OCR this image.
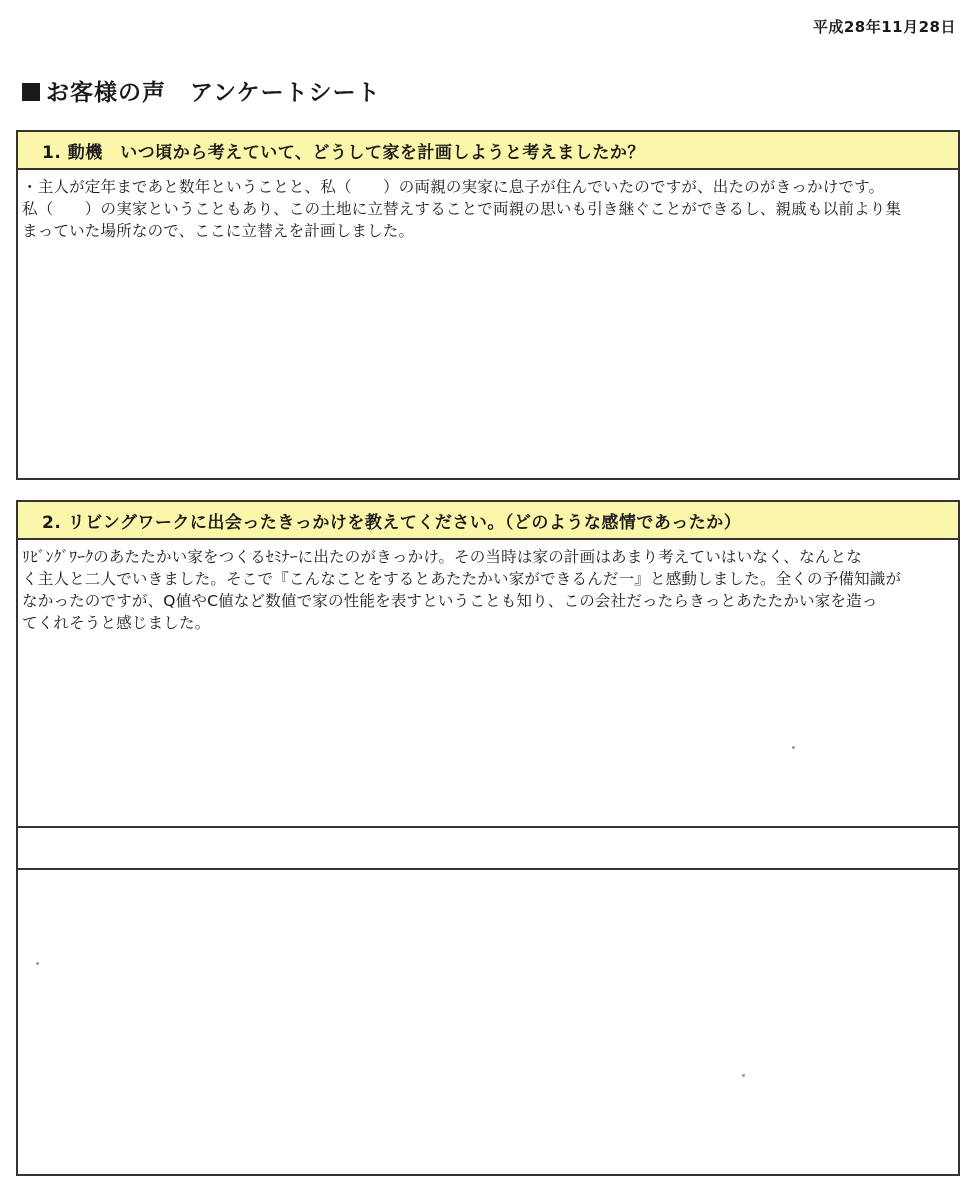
平成28年11月28日
お客様の声　アンケートシート
1. 動機　いつ頃から考えていて、どうして家を計画しようと考えましたか？
・主人が定年まであと数年ということと、私（　　）の両親の実家に息子が住んでいたのですが、出たのがきっかけです。
私（　　）の実家ということもあり、この土地に立替えすることで両親の思いも引き継ぐことができるし、親戚も以前より集
まっていた場所なので、ここに立替えを計画しました。
2. リビングワークに出会ったきっかけを教えてください。（どのような感情であったか）
ﾘﾋﾞﾝｸﾞﾜｰｸのあたたかい家をつくるｾﾐﾅｰに出たのがきっかけ。その当時は家の計画はあまり考えていはいなく、なんとな
く主人と二人でいきました。そこで『こんなことをするとあたたかい家ができるんだ一』と感動しました。全くの予備知識が
なかったのですが、Q値やC値など数値で家の性能を表すということも知り、この会社だったらきっとあたたかい家を造っ
てくれそうと感じました。
